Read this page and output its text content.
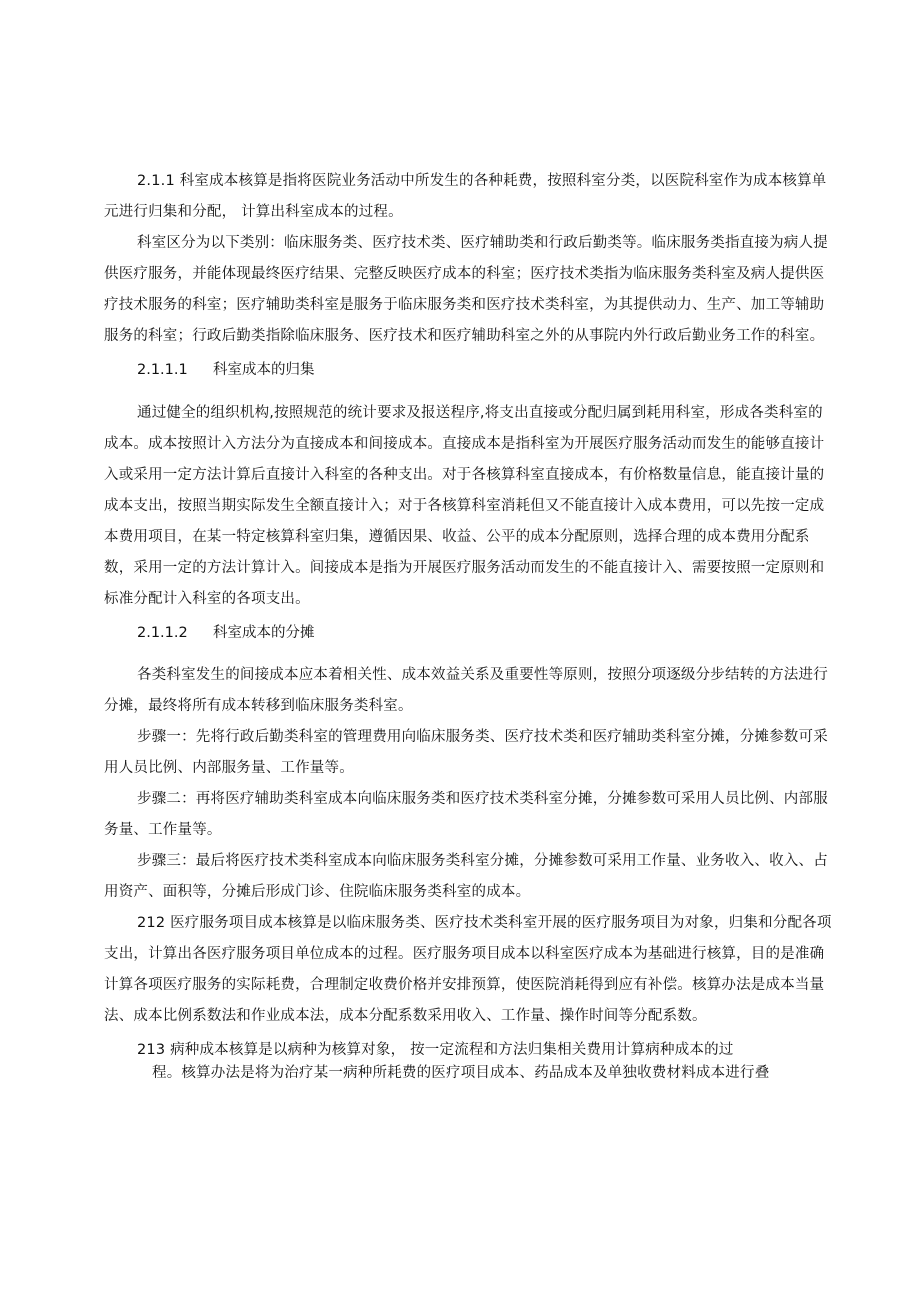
2.1.1 科室成本核算是指将医院业务活动中所发生的各种耗费，按照科室分类，以医院科室作为成本核算单
元进行归集和分配， 计算出科室成本的过程。
科室区分为以下类别：临床服务类、医疗技术类、医疗辅助类和行政后勤类等。临床服务类指直接为病人提
供医疗服务，并能体现最终医疗结果、完整反映医疗成本的科室；医疗技术类指为临床服务类科室及病人提供医
疗技术服务的科室；医疗辅助类科室是服务于临床服务类和医疗技术类科室，为其提供动力、生产、加工等辅助
服务的科室；行政后勤类指除临床服务、医疗技术和医疗辅助科室之外的从事院内外行政后勤业务工作的科室。
2.1.1.1 科室成本的归集
通过健全的组织机构,按照规范的统计要求及报送程序,将支出直接或分配归属到耗用科室，形成各类科室的
成本。成本按照计入方法分为直接成本和间接成本。直接成本是指科室为开展医疗服务活动而发生的能够直接计
入或采用一定方法计算后直接计入科室的各种支出。对于各核算科室直接成本，有价格数量信息，能直接计量的
成本支出，按照当期实际发生全额直接计入；对于各核算科室消耗但又不能直接计入成本费用，可以先按一定成
本费用项目，在某一特定核算科室归集，遵循因果、收益、公平的成本分配原则，选择合理的成本费用分配系
数，采用一定的方法计算计入。间接成本是指为开展医疗服务活动而发生的不能直接计入、需要按照一定原则和
标准分配计入科室的各项支出。
2.1.1.2 科室成本的分摊
各类科室发生的间接成本应本着相关性、成本效益关系及重要性等原则，按照分项逐级分步结转的方法进行
分摊，最终将所有成本转移到临床服务类科室。
步骤一：先将行政后勤类科室的管理费用向临床服务类、医疗技术类和医疗辅助类科室分摊，分摊参数可采
用人员比例、内部服务量、工作量等。
步骤二：再将医疗辅助类科室成本向临床服务类和医疗技术类科室分摊，分摊参数可采用人员比例、内部服
务量、工作量等。
步骤三：最后将医疗技术类科室成本向临床服务类科室分摊，分摊参数可采用工作量、业务收入、收入、占
用资产、面积等，分摊后形成门诊、住院临床服务类科室的成本。
212 医疗服务项目成本核算是以临床服务类、医疗技术类科室开展的医疗服务项目为对象，归集和分配各项
支出，计算出各医疗服务项目单位成本的过程。医疗服务项目成本以科室医疗成本为基础进行核算，目的是准确
计算各项医疗服务的实际耗费，合理制定收费价格并安排预算，使医院消耗得到应有补偿。核算办法是成本当量
法、成本比例系数法和作业成本法，成本分配系数采用收入、工作量、操作时间等分配系数。
213 病种成本核算是以病种为核算对象， 按一定流程和方法归集相关费用计算病种成本的过
程。核算办法是将为治疗某一病种所耗费的医疗项目成本、药品成本及单独收费材料成本进行叠
